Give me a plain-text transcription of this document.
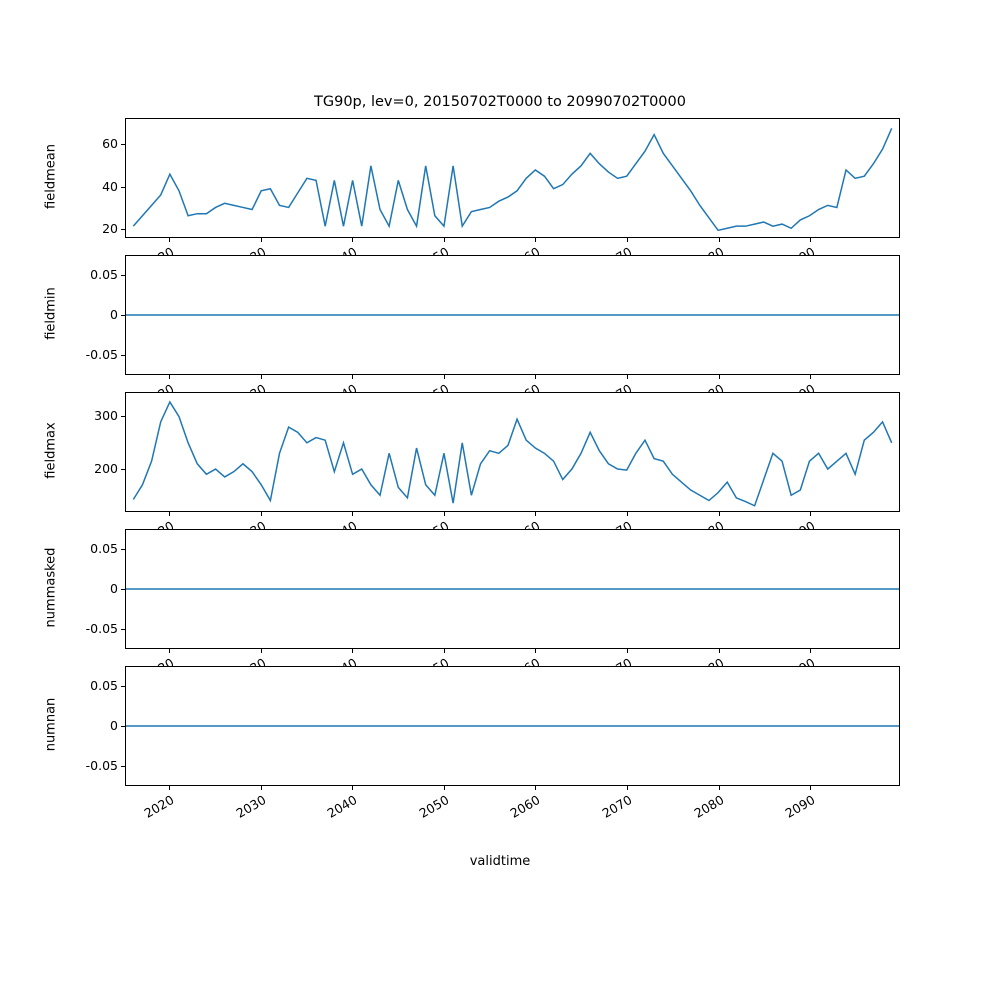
TG90p, lev=0, 20150702T0000 to 20990702T0000
20
40
60
fieldmean
-0.05
0
0.05
fieldmin
200
300
fieldmax
-0.05
0
0.05
nummasked
-0.05
0
0.05
numnan
2020	2030	2040	2050	2060	2070	2080	2090
validtime
